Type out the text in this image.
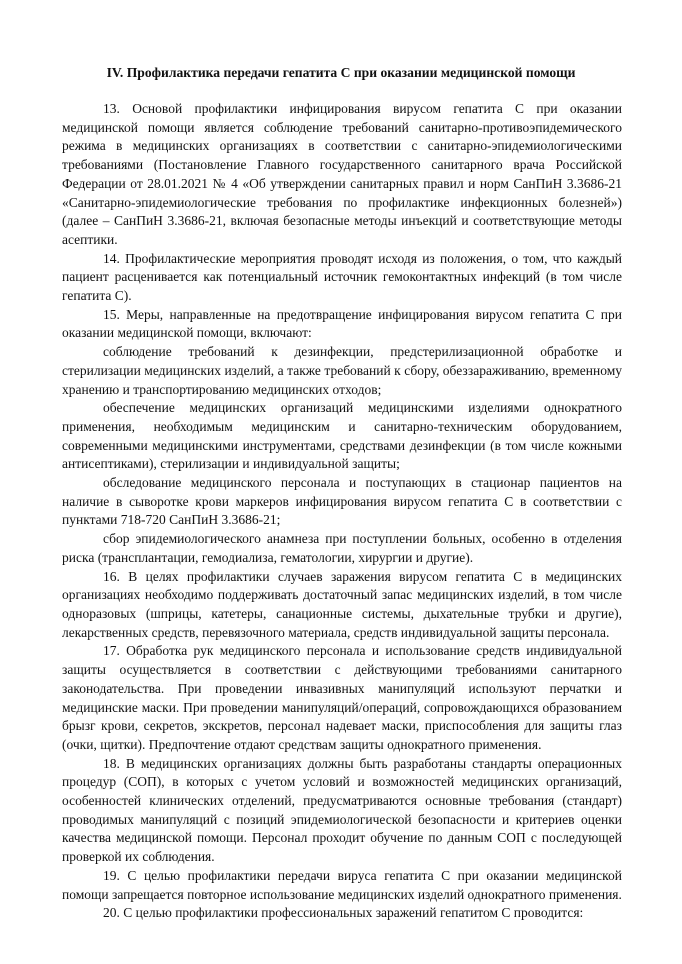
IV. Профилактика передачи гепатита С при оказании медицинской помощи

13. Основой профилактики инфицирования вирусом гепатита С при оказании медицинской помощи является соблюдение требований санитарно-противоэпидемического режима в медицинских организациях в соответствии с санитарно-эпидемиологическими требованиями (Постановление Главного государственного санитарного врача Российской Федерации от 28.01.2021 № 4 «Об утверждении санитарных правил и норм СанПиН 3.3686-21 «Санитарно-эпидемиологические требования по профилактике инфекционных болезней») (далее – СанПиН 3.3686-21, включая безопасные методы инъекций и соответствующие методы асептики.

14. Профилактические мероприятия проводят исходя из положения, о том, что каждый пациент расценивается как потенциальный источник гемоконтактных инфекций (в том числе гепатита С).

15. Меры, направленные на предотвращение инфицирования вирусом гепатита С при оказании медицинской помощи, включают:

соблюдение требований к дезинфекции, предстерилизационной обработке и стерилизации медицинских изделий, а также требований к сбору, обеззараживанию, временному хранению и транспортированию медицинских отходов;

обеспечение медицинских организаций медицинскими изделиями однократного применения, необходимым медицинским и санитарно-техническим оборудованием, современными медицинскими инструментами, средствами дезинфекции (в том числе кожными антисептиками), стерилизации и индивидуальной защиты;

обследование медицинского персонала и поступающих в стационар пациентов на наличие в сыворотке крови маркеров инфицирования вирусом гепатита С в соответствии с пунктами 718-720 СанПиН 3.3686-21;

сбор эпидемиологического анамнеза при поступлении больных, особенно в отделения риска (трансплантации, гемодиализа, гематологии, хирургии и другие).

16. В целях профилактики случаев заражения вирусом гепатита С в медицинских организациях необходимо поддерживать достаточный запас медицинских изделий, в том числе одноразовых (шприцы, катетеры, санационные системы, дыхательные трубки и другие), лекарственных средств, перевязочного материала, средств индивидуальной защиты персонала.

17. Обработка рук медицинского персонала и использование средств индивидуальной защиты осуществляется в соответствии с действующими требованиями санитарного законодательства. При проведении инвазивных манипуляций используют перчатки и медицинские маски. При проведении манипуляций/операций, сопровождающихся образованием брызг крови, секретов, экскретов, персонал надевает маски, приспособления для защиты глаз (очки, щитки). Предпочтение отдают средствам защиты однократного применения.

18. В медицинских организациях должны быть разработаны стандарты операционных процедур (СОП), в которых с учетом условий и возможностей медицинских организаций, особенностей клинических отделений, предусматриваются основные требования (стандарт) проводимых манипуляций с позиций эпидемиологической безопасности и критериев оценки качества медицинской помощи. Персонал проходит обучение по данным СОП с последующей проверкой их соблюдения.

19. С целью профилактики передачи вируса гепатита С при оказании медицинской помощи запрещается повторное использование медицинских изделий однократного применения.

20. С целью профилактики профессиональных заражений гепатитом С проводится:
